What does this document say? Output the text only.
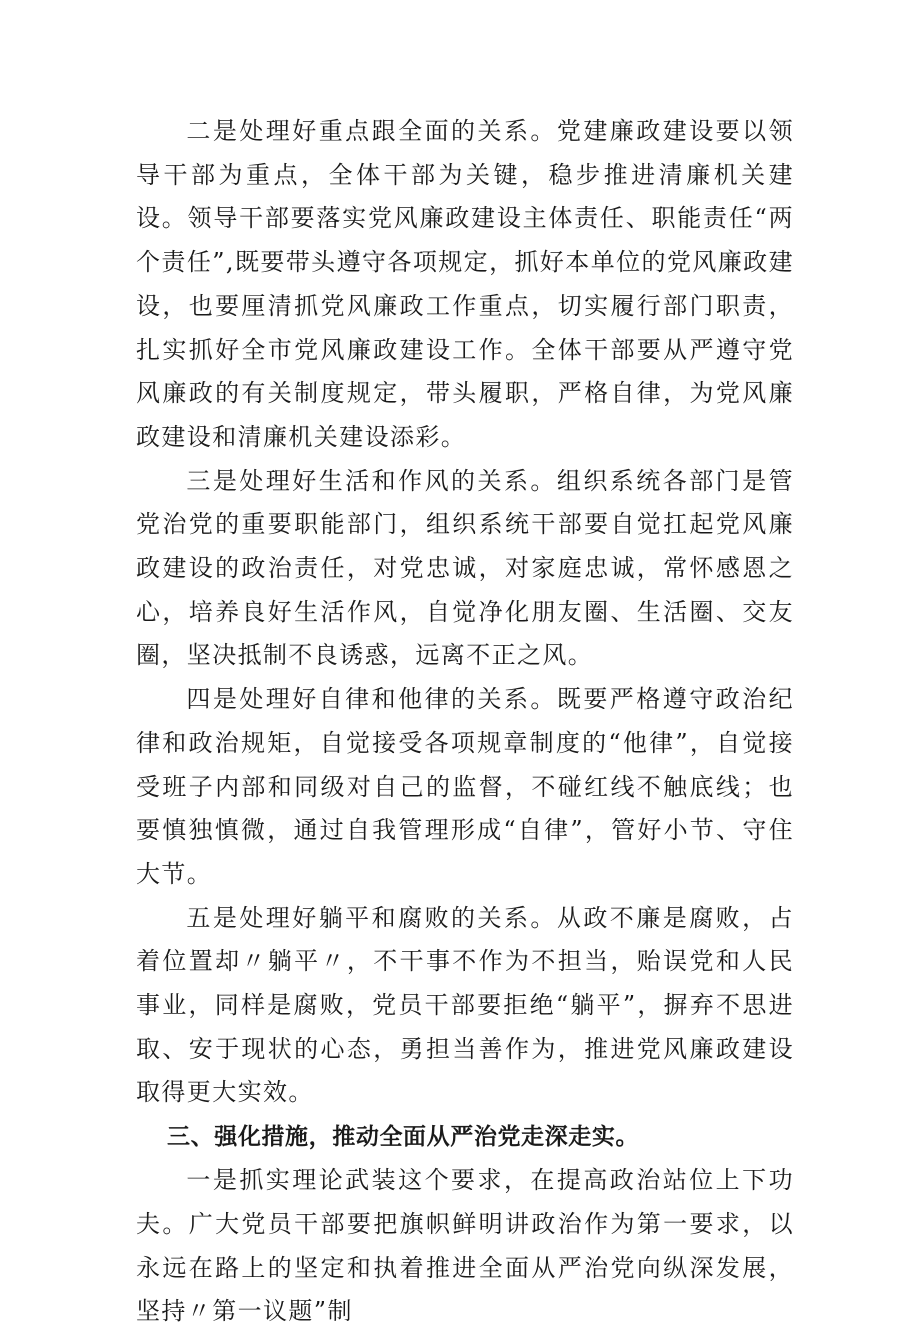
二是处理好重点跟全面的关系。党建廉政建设要以领导干部为重点，全体干部为关键，稳步推进清廉机关建设。领导干部要落实党风廉政建设主体责任、职能责任“两个责任”,既要带头遵守各项规定，抓好本单位的党风廉政建设，也要厘清抓党风廉政工作重点，切实履行部门职责，扎实抓好全市党风廉政建设工作。全体干部要从严遵守党风廉政的有关制度规定，带头履职，严格自律，为党风廉政建设和清廉机关建设添彩。

三是处理好生活和作风的关系。组织系统各部门是管党治党的重要职能部门，组织系统干部要自觉扛起党风廉政建设的政治责任，对党忠诚，对家庭忠诚，常怀感恩之心，培养良好生活作风，自觉净化朋友圈、生活圈、交友圈，坚决抵制不良诱惑，远离不正之风。

四是处理好自律和他律的关系。既要严格遵守政治纪律和政治规矩，自觉接受各项规章制度的“他律”，自觉接受班子内部和同级对自己的监督，不碰红线不触底线；也要慎独慎微，通过自我管理形成“自律”，管好小节、守住大节。

五是处理好躺平和腐败的关系。从政不廉是腐败，占着位置却〃躺平〃，不干事不作为不担当，贻误党和人民事业，同样是腐败，党员干部要拒绝“躺平”，摒弃不思进取、安于现状的心态，勇担当善作为，推进党风廉政建设取得更大实效。

三、强化措施，推动全面从严治党走深走实。

一是抓实理论武装这个要求，在提高政治站位上下功夫。广大党员干部要把旗帜鲜明讲政治作为第一要求，以永远在路上的坚定和执着推进全面从严治党向纵深发展，坚持〃第一议题”制
